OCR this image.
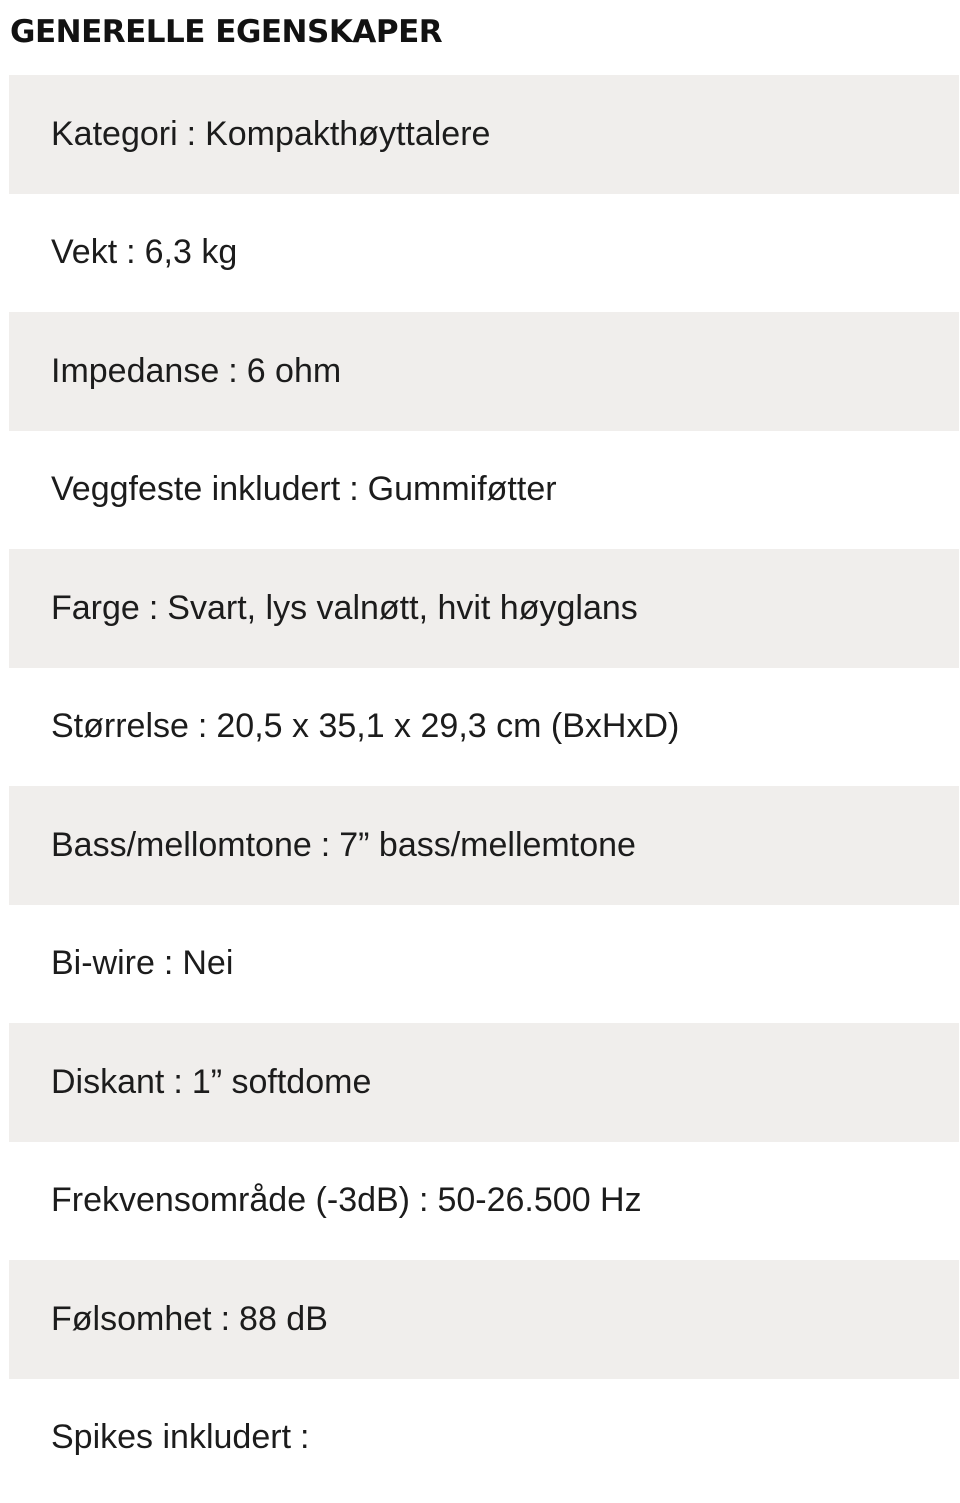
GENERELLE EGENSKAPER
Kategori : Kompakthøyttalere
Vekt : 6,3 kg
Impedanse : 6 ohm
Veggfeste inkludert : Gummiføtter
Farge : Svart, lys valnøtt, hvit høyglans
Størrelse : 20,5 x 35,1 x 29,3 cm (BxHxD)
Bass/mellomtone : 7” bass/mellemtone
Bi-wire : Nei
Diskant : 1” softdome
Frekvensområde (-3dB) : 50-26.500 Hz
Følsomhet : 88 dB
Spikes inkludert :
